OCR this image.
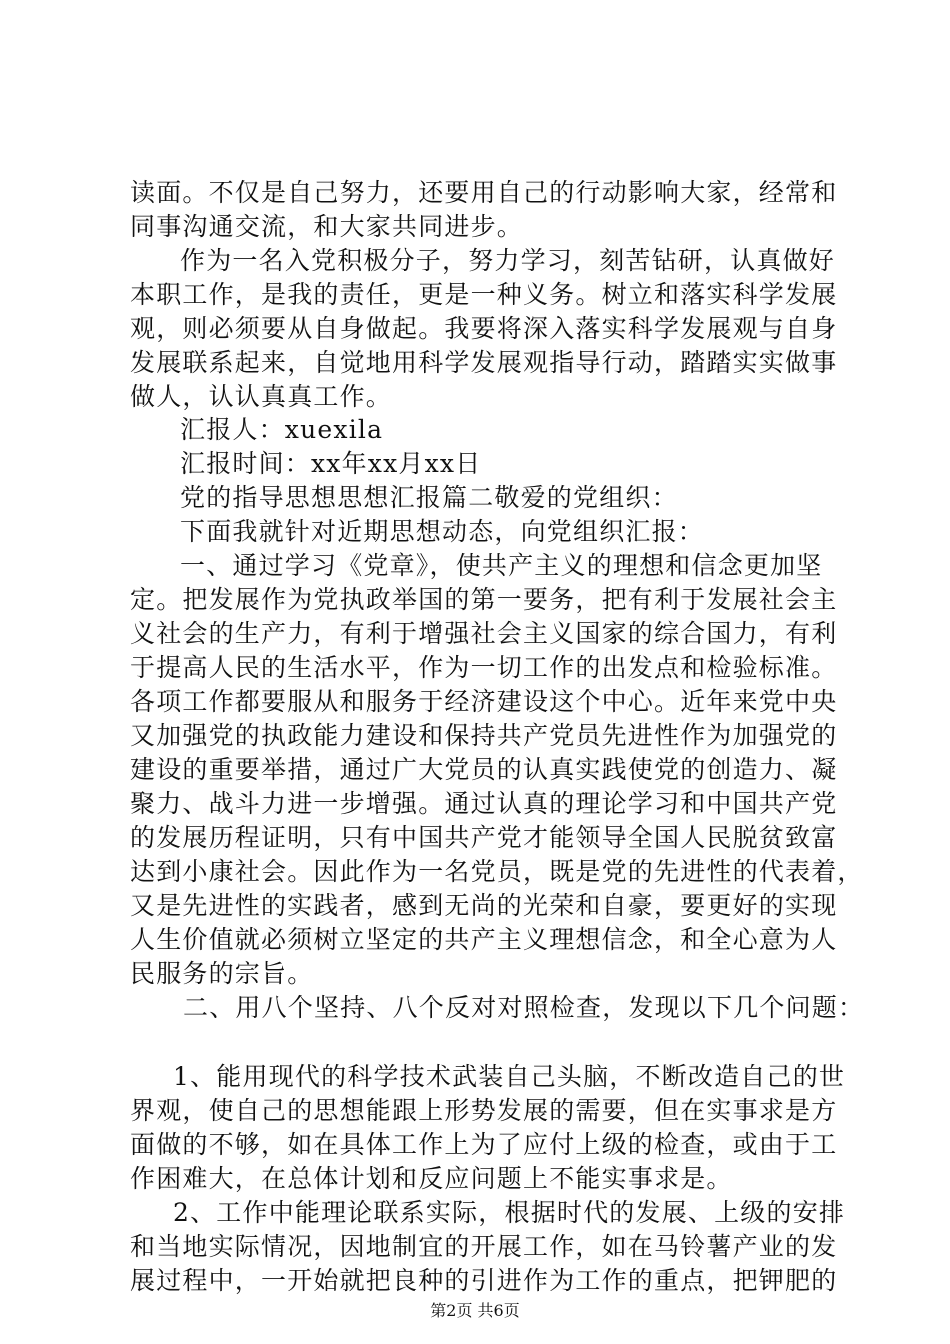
读面。不仅是自己努力，还要用自己的行动影响大家，经常和
同事沟通交流，和大家共同进步。
作为一名入党积极分子，努力学习，刻苦钻研，认真做好
本职工作，是我的责任，更是一种义务。树立和落实科学发展
观，则必须要从自身做起。我要将深入落实科学发展观与自身
发展联系起来，自觉地用科学发展观指导行动，踏踏实实做事
做人，认认真真工作。
汇报人：xuexila
汇报时间：xx年xx月xx日
党的指导思想思想汇报篇二敬爱的党组织：
下面我就针对近期思想动态，向党组织汇报：
一、通过学习《党章》，使共产主义的理想和信念更加坚
定。把发展作为党执政举国的第一要务，把有利于发展社会主
义社会的生产力，有利于增强社会主义国家的综合国力，有利
于提高人民的生活水平，作为一切工作的出发点和检验标准。
各项工作都要服从和服务于经济建设这个中心。近年来党中央
又加强党的执政能力建设和保持共产党员先进性作为加强党的
建设的重要举措，通过广大党员的认真实践使党的创造力、凝
聚力、战斗力进一步增强。通过认真的理论学习和中国共产党
的发展历程证明，只有中国共产党才能领导全国人民脱贫致富
达到小康社会。因此作为一名党员，既是党的先进性的代表着，
又是先进性的实践者，感到无尚的光荣和自豪，要更好的实现
人生价值就必须树立坚定的共产主义理想信念，和全心意为人
民服务的宗旨。
二、用八个坚持、八个反对对照检查，发现以下几个问题：
1、能用现代的科学技术武装自己头脑，不断改造自己的世
界观，使自己的思想能跟上形势发展的需要，但在实事求是方
面做的不够，如在具体工作上为了应付上级的检查，或由于工
作困难大，在总体计划和反应问题上不能实事求是。
2、工作中能理论联系实际，根据时代的发展、上级的安排
和当地实际情况，因地制宜的开展工作，如在马铃薯产业的发
第2页 共6页
展过程中，一开始就把良种的引进作为工作的重点，把钾肥的
